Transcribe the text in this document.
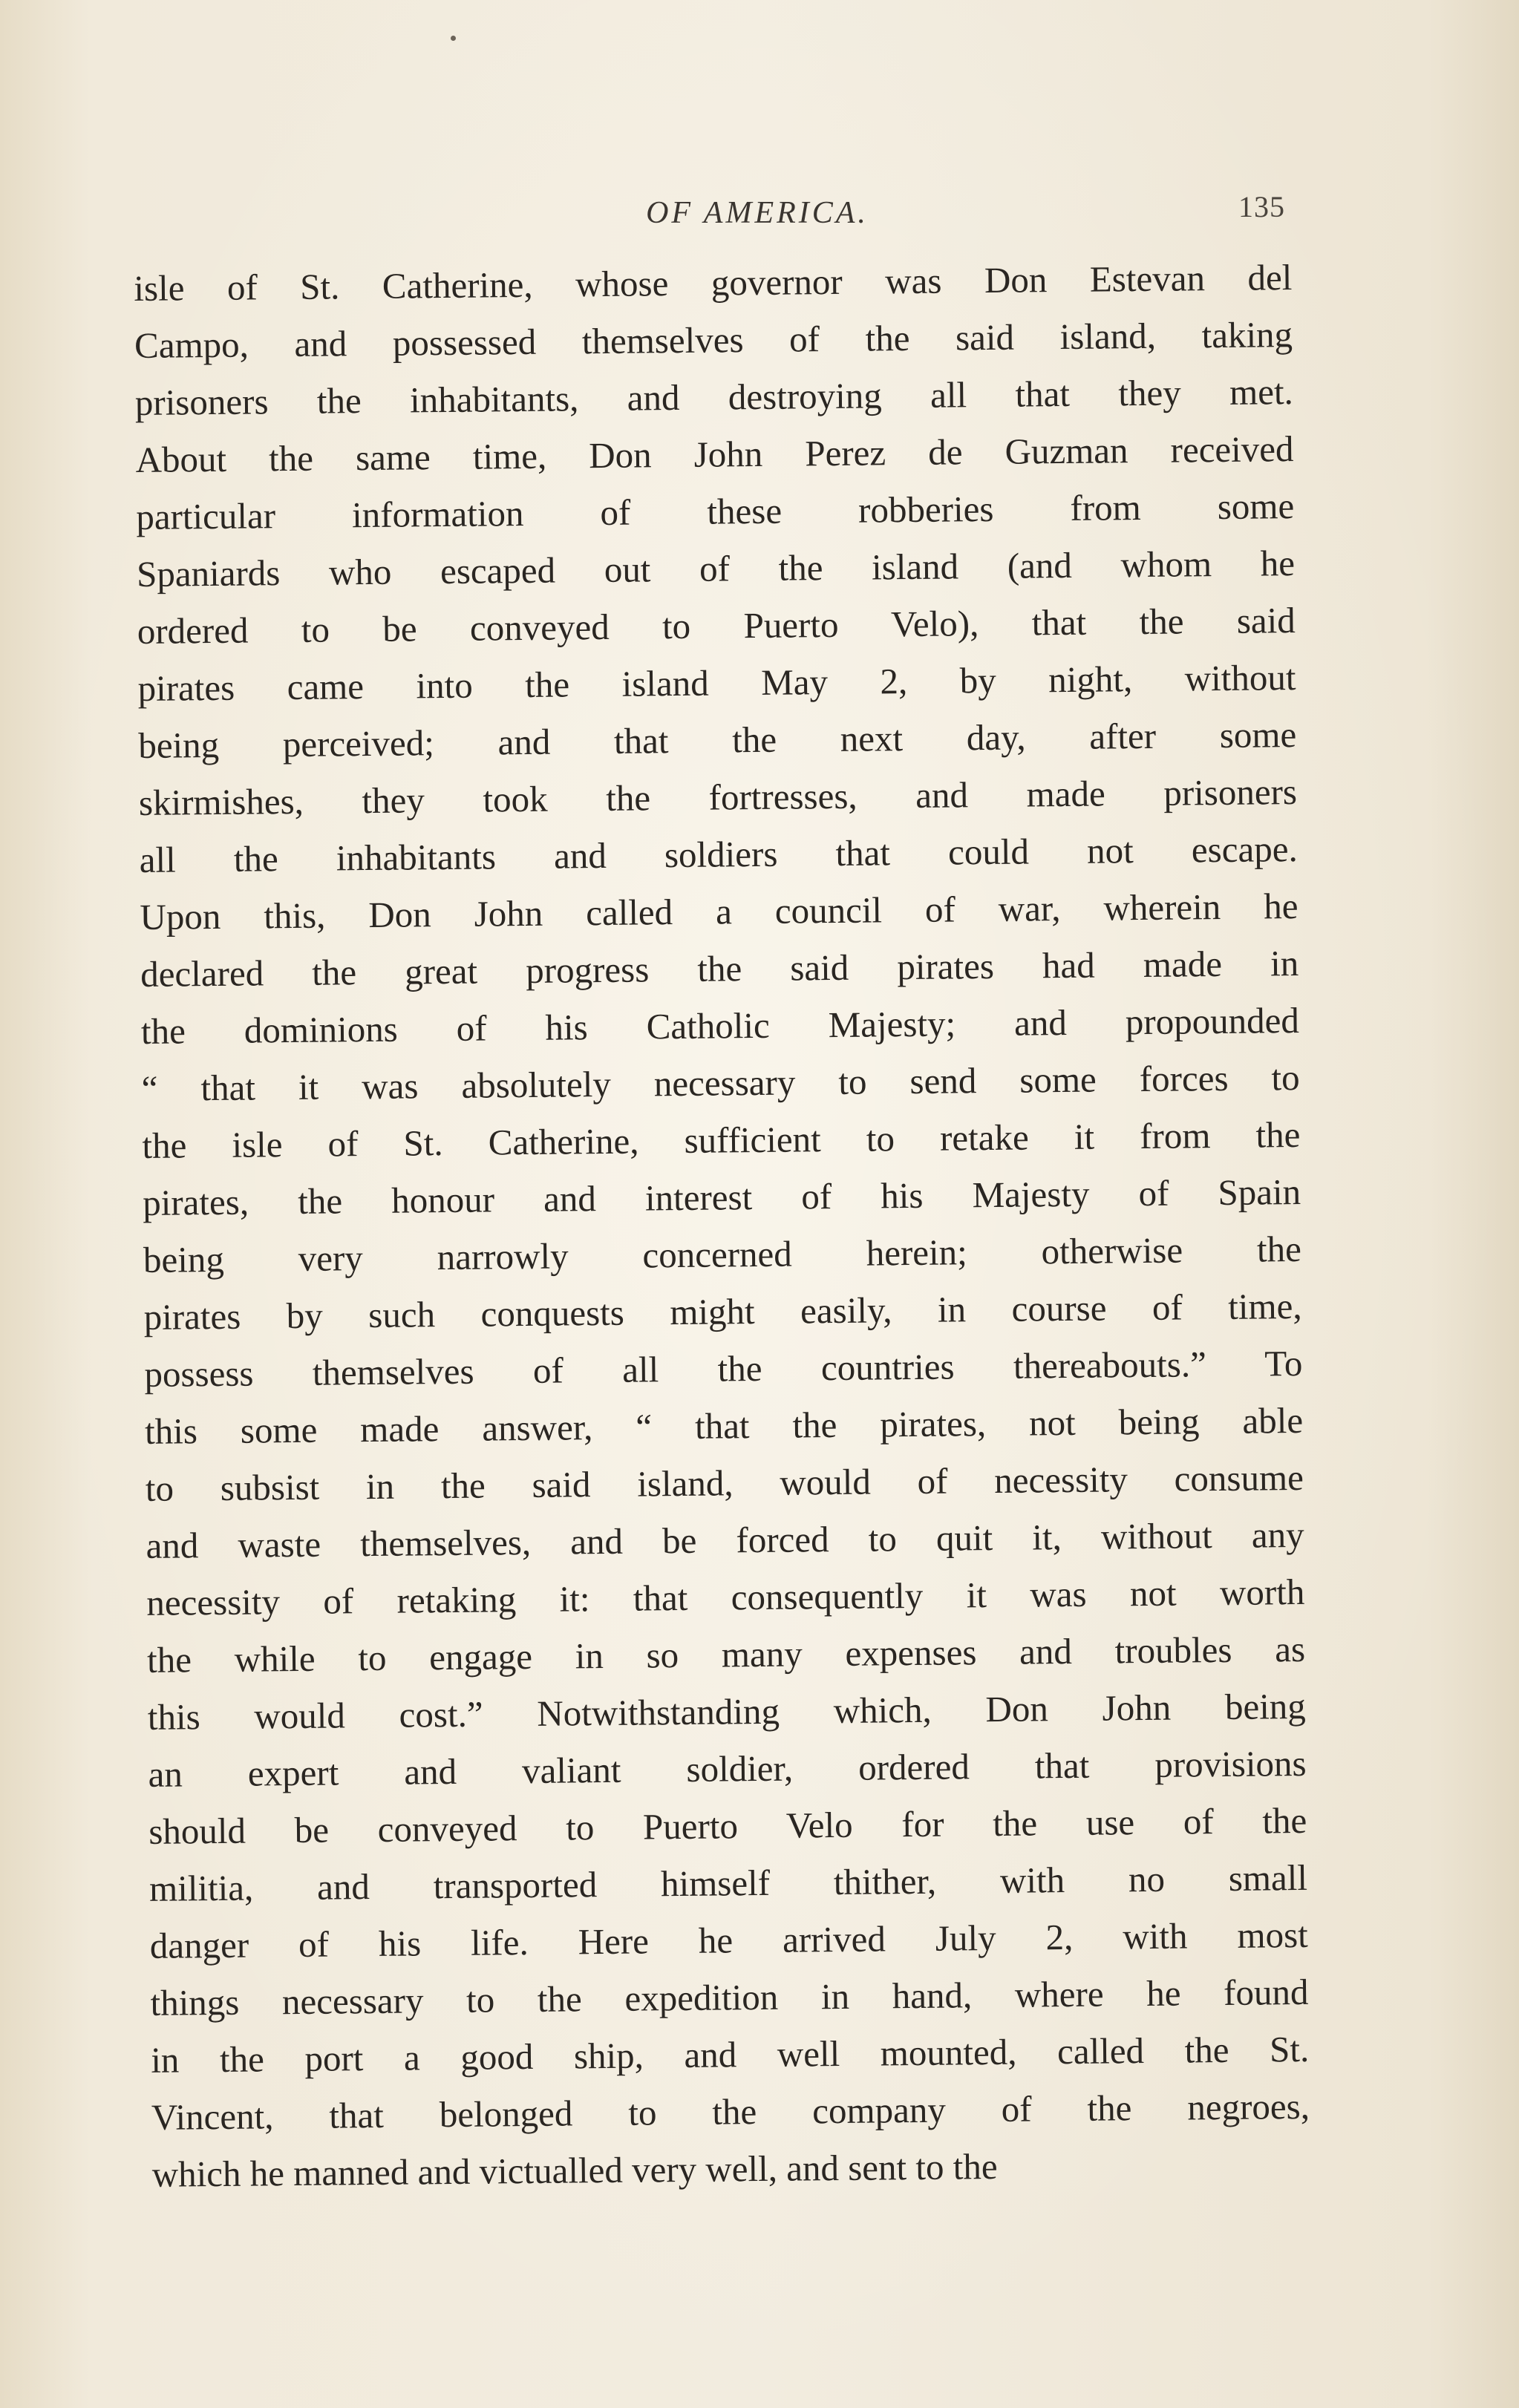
OF AMERICA.	135
isle of St. Catherine, whose governor was Don Estevan del
Campo, and possessed themselves of the said island, taking
prisoners the inhabitants, and destroying all that they met.
About the same time, Don John Perez de Guzman received
particular information of these robberies from some
Spaniards who escaped out of the island (and whom he
ordered to be conveyed to Puerto Velo), that the said
pirates came into the island May 2, by night, without
being perceived; and that the next day, after some
skirmishes, they took the fortresses, and made prisoners
all the inhabitants and soldiers that could not escape.
Upon this, Don John called a council of war, wherein he
declared the great progress the said pirates had made in
the dominions of his Catholic Majesty; and propounded
“ that it was absolutely necessary to send some forces to
the isle of St. Catherine, sufficient to retake it from the
pirates, the honour and interest of his Majesty of Spain
being very narrowly concerned herein; otherwise the
pirates by such conquests might easily, in course of time,
possess themselves of all the countries thereabouts.” To
this some made answer, “ that the pirates, not being able
to subsist in the said island, would of necessity consume
and waste themselves, and be forced to quit it, without any
necessity of retaking it: that consequently it was not worth
the while to engage in so many expenses and troubles as
this would cost.” Notwithstanding which, Don John being
an expert and valiant soldier, ordered that provisions
should be conveyed to Puerto Velo for the use of the
militia, and transported himself thither, with no small
danger of his life. Here he arrived July 2, with most
things necessary to the expedition in hand, where he found
in the port a good ship, and well mounted, called the St.
Vincent, that belonged to the company of the negroes,
which he manned and victualled very well, and sent to the
